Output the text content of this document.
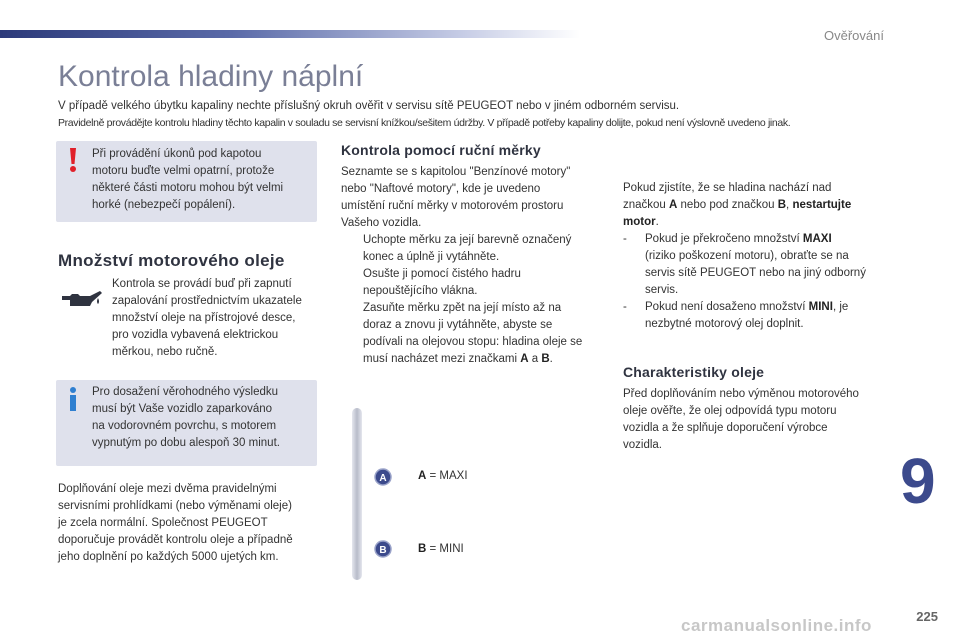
Ověřování
Kontrola hladiny náplní
V případě velkého úbytku kapaliny nechte příslušný okruh ověřit v servisu sítě PEUGEOT nebo v jiném odborném servisu.
Pravidelně provádějte kontrolu hladiny těchto kapalin v souladu se servisní knížkou/sešitem údržby. V případě potřeby kapaliny dolijte, pokud není výslovně uvedeno jinak.
Při provádění úkonů pod kapotou
motoru buďte velmi opatrní, protože
některé části motoru mohou být velmi
horké (nebezpečí popálení).
Množství motorového oleje
Kontrola se provádí buď při zapnutí
zapalování prostřednictvím ukazatele
množství oleje na přístrojové desce,
pro vozidla vybavená elektrickou
měrkou, nebo ručně.
Pro dosažení věrohodného výsledku
musí být Vaše vozidlo zaparkováno
na vodorovném povrchu, s motorem
vypnutým po dobu alespoň 30 minut.
Doplňování oleje mezi dvěma pravidelnými
servisními prohlídkami (nebo výměnami oleje)
je zcela normální. Společnost PEUGEOT
doporučuje provádět kontrolu oleje a případně
jeho doplnění po každých 5000 ujetých km.
Kontrola pomocí ruční měrky
Seznamte se s kapitolou "Benzínové motory"
nebo "Naftové motory", kde je uvedeno
umístění ruční měrky v motorovém prostoru
Vašeho vozidla.
Uchopte měrku za její barevně označený
konec a úplně ji vytáhněte.
Osušte ji pomocí čistého hadru
nepouštějícího vlákna.
Zasuňte měrku zpět na její místo až na
doraz a znovu ji vytáhněte, abyste se
podívali na olejovou stopu: hladina oleje se
musí nacházet mezi značkami A a B.
A	A = MAXI
B	B = MINI
Pokud zjistíte, že se hladina nachází nad
značkou A nebo pod značkou B, nestartujte
motor.
- Pokud je překročeno množství MAXI
(riziko poškození motoru), obraťte se na
servis sítě PEUGEOT nebo na jiný odborný
servis.
- Pokud není dosaženo množství MINI, je
nezbytné motorový olej doplnit.
Charakteristiky oleje
Před doplňováním nebo výměnou motorového
oleje ověřte, že olej odpovídá typu motoru
vozidla a že splňuje doporučení výrobce
vozidla.	9
225
carmanualsonline.info
